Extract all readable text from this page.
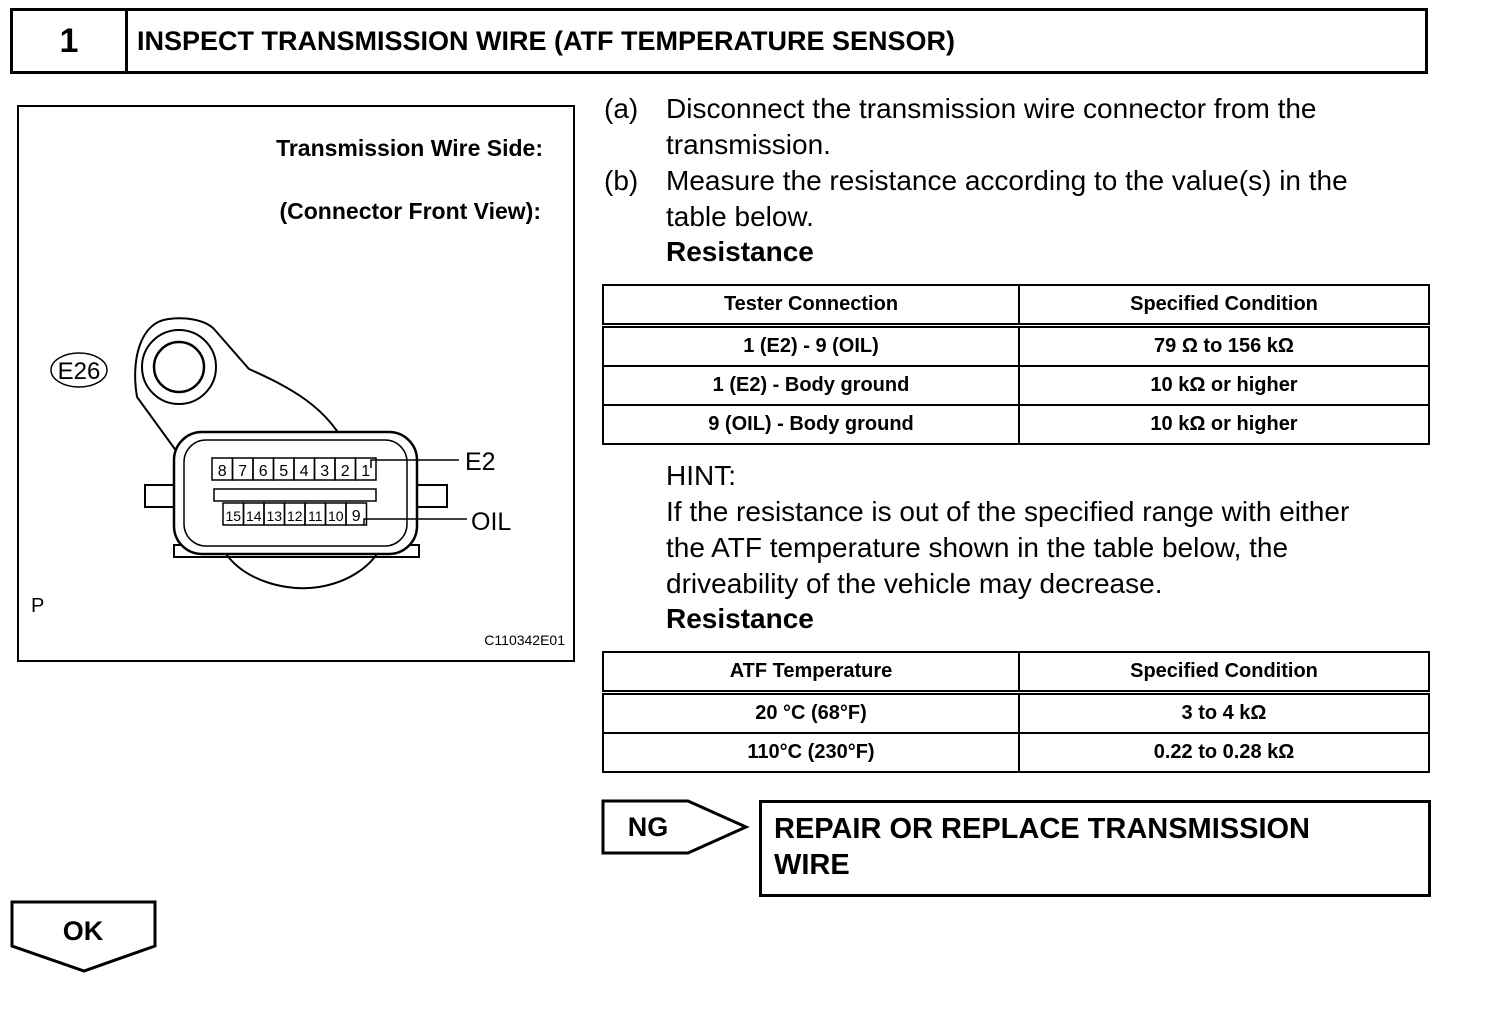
1	INSPECT TRANSMISSION WIRE (ATF TEMPERATURE SENSOR)
Transmission Wire Side:
(Connector Front View):
8 7 6 5 4 3 2 1
15 14 13 12 11 10 9
E26
E2
OIL
P
C110342E01
(a) Disconnect the transmission wire connector from the
transmission.
(b) Measure the resistance according to the value(s) in the
table below.
Resistance
Tester Connection	Specified Condition
1 (E2) - 9 (OIL)	79 Ω to 156 kΩ
1 (E2) - Body ground	10 kΩ or higher
9 (OIL) - Body ground	10 kΩ or higher
HINT:
If the resistance is out of the specified range with either
the ATF temperature shown in the table below, the
driveability of the vehicle may decrease.
Resistance
ATF Temperature	Specified Condition
20 °C (68°F)	3 to 4 kΩ
110°C (230°F)	0.22 to 0.28 kΩ
NG	REPAIR OR REPLACE TRANSMISSION
WIRE
OK
